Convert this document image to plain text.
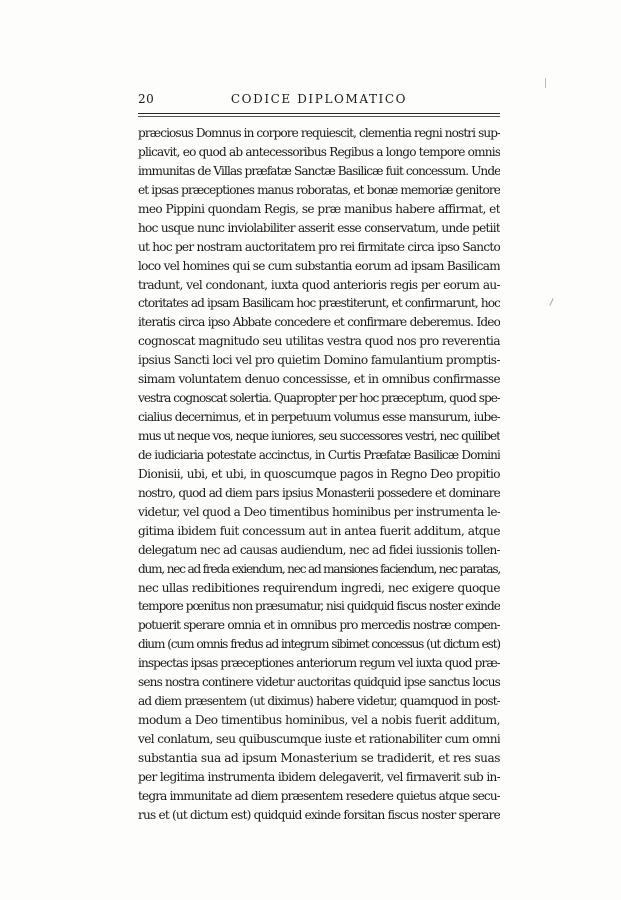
20	CODICE DIPLOMATICO
præciosus Domnus in corpore requiescit, clementia regni nostri sup-
plicavit, eo quod ab antecessoribus Regibus a longo tempore omnis
immunitas de Villas præfatæ Sanctæ Basilicæ fuit concessum. Unde
et ipsas præceptiones manus roboratas, et bonæ memoriæ genitore
meo Pippini quondam Regis, se præ manibus habere affirmat, et
hoc usque nunc inviolabiliter asserit esse conservatum, unde petiit
ut hoc per nostram auctoritatem pro rei firmitate circa ipso Sancto
loco vel homines qui se cum substantia eorum ad ipsam Basilicam
tradunt, vel condonant, iuxta quod anterioris regis per eorum au-
ctoritates ad ipsam Basilicam hoc præstiterunt, et confirmarunt, hoc
iteratis circa ipso Abbate concedere et confirmare deberemus. Ideo
cognoscat magnitudo seu utilitas vestra quod nos pro reverentia
ipsius Sancti loci vel pro quietim Domino famulantium promptis-
simam voluntatem denuo concessisse, et in omnibus confirmasse
vestra cognoscat solertia. Quapropter per hoc præceptum, quod spe-
cialius decernimus, et in perpetuum volumus esse mansurum, iube-
mus ut neque vos, neque iuniores, seu successores vestri, nec quilibet
de iudiciaria potestate accinctus, in Curtis Præfatæ Basilicæ Domini
Dionisii, ubi, et ubi, in quoscumque pagos in Regno Deo propitio
nostro, quod ad diem pars ipsius Monasterii possedere et dominare
videtur, vel quod a Deo timentibus hominibus per instrumenta le-
gitima ibidem fuit concessum aut in antea fuerit additum, atque
delegatum nec ad causas audiendum, nec ad fidei iussionis tollen-
dum, nec ad freda exiendum, nec ad mansiones faciendum, nec paratas,
nec ullas redibitiones requirendum ingredi, nec exigere quoque
tempore pœnitus non præsumatur, nisi quidquid fiscus noster exinde
potuerit sperare omnia et in omnibus pro mercedis nostræ compen-
dium (cum omnis fredus ad integrum sibimet concessus (ut dictum est)
inspectas ipsas præceptiones anteriorum regum vel iuxta quod præ-
sens nostra continere videtur auctoritas quidquid ipse sanctus locus
ad diem præsentem (ut diximus) habere videtur, quamquod in post-
modum a Deo timentibus hominibus, vel a nobis fuerit additum,
vel conlatum, seu quibuscumque iuste et rationabiliter cum omni
substantia sua ad ipsum Monasterium se tradiderit, et res suas
per legitima instrumenta ibidem delegaverit, vel firmaverit sub in-
tegra immunitate ad diem præsentem resedere quietus atque secu-
rus et (ut dictum est) quidquid exinde forsitan fiscus noster sperare
